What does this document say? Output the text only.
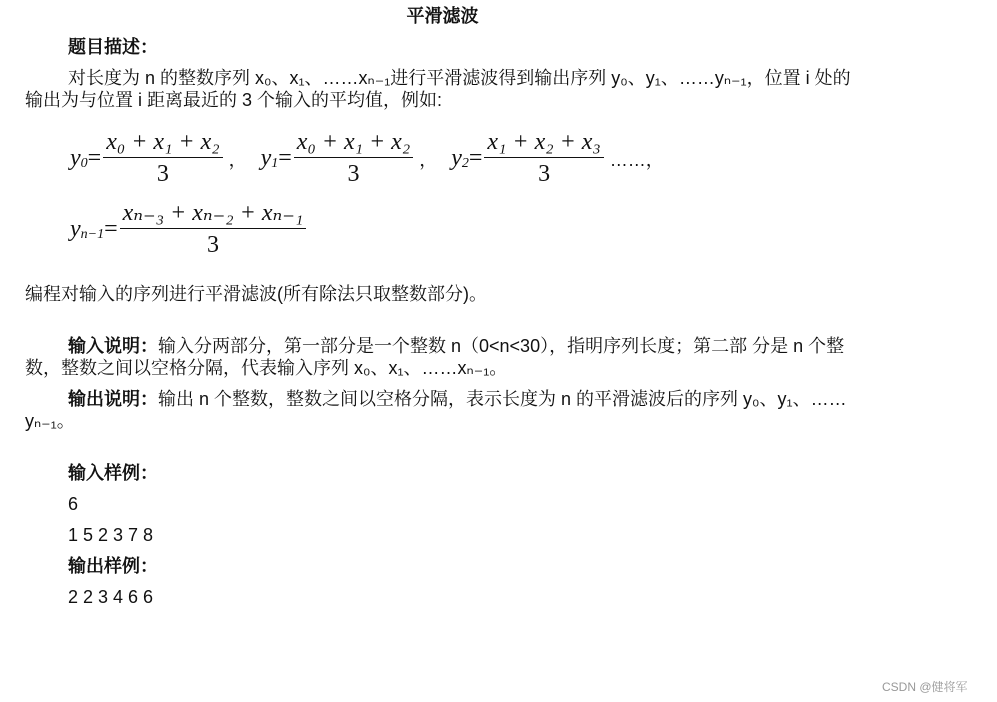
平滑滤波
题目描述：
对长度为 n 的整数序列 x₀、x₁、……xₙ₋₁进行平滑滤波得到输出序列 y₀、y₁、……yₙ₋₁，位置 i 处的输出为与位置 i 距离最近的 3 个输入的平均值，例如:
y $0 = \frac{\text{x₀ + x₁ + x₂}}{3}$ ， y $1 = \frac{\text{x₀ + x₁ + x₂}}{3}$ ， y $2 = \frac{\text{x₁ + x₂ + x₃}}{3}$ ……，
y $n-1 = \frac{\text{xₙ₋₃ + xₙ₋₂ + xₙ₋₁}}{3}$
编程对输入的序列进行平滑滤波(所有除法只取整数部分)。
输入说明：输入分两部分，第一部分是一个整数 n（0<n<30），指明序列长度；第二部 分是 n 个整数，整数之间以空格分隔，代表输入序列 x₀、x₁、……xₙ₋₁。
输出说明：输出 n 个整数，整数之间以空格分隔，表示长度为 n 的平滑滤波后的序列 y₀、y₁、……yₙ₋₁。
输入样例：
6
1 5 2 3 7 8
输出样例：
2 2 3 4 6 6
CSDN @健将军
